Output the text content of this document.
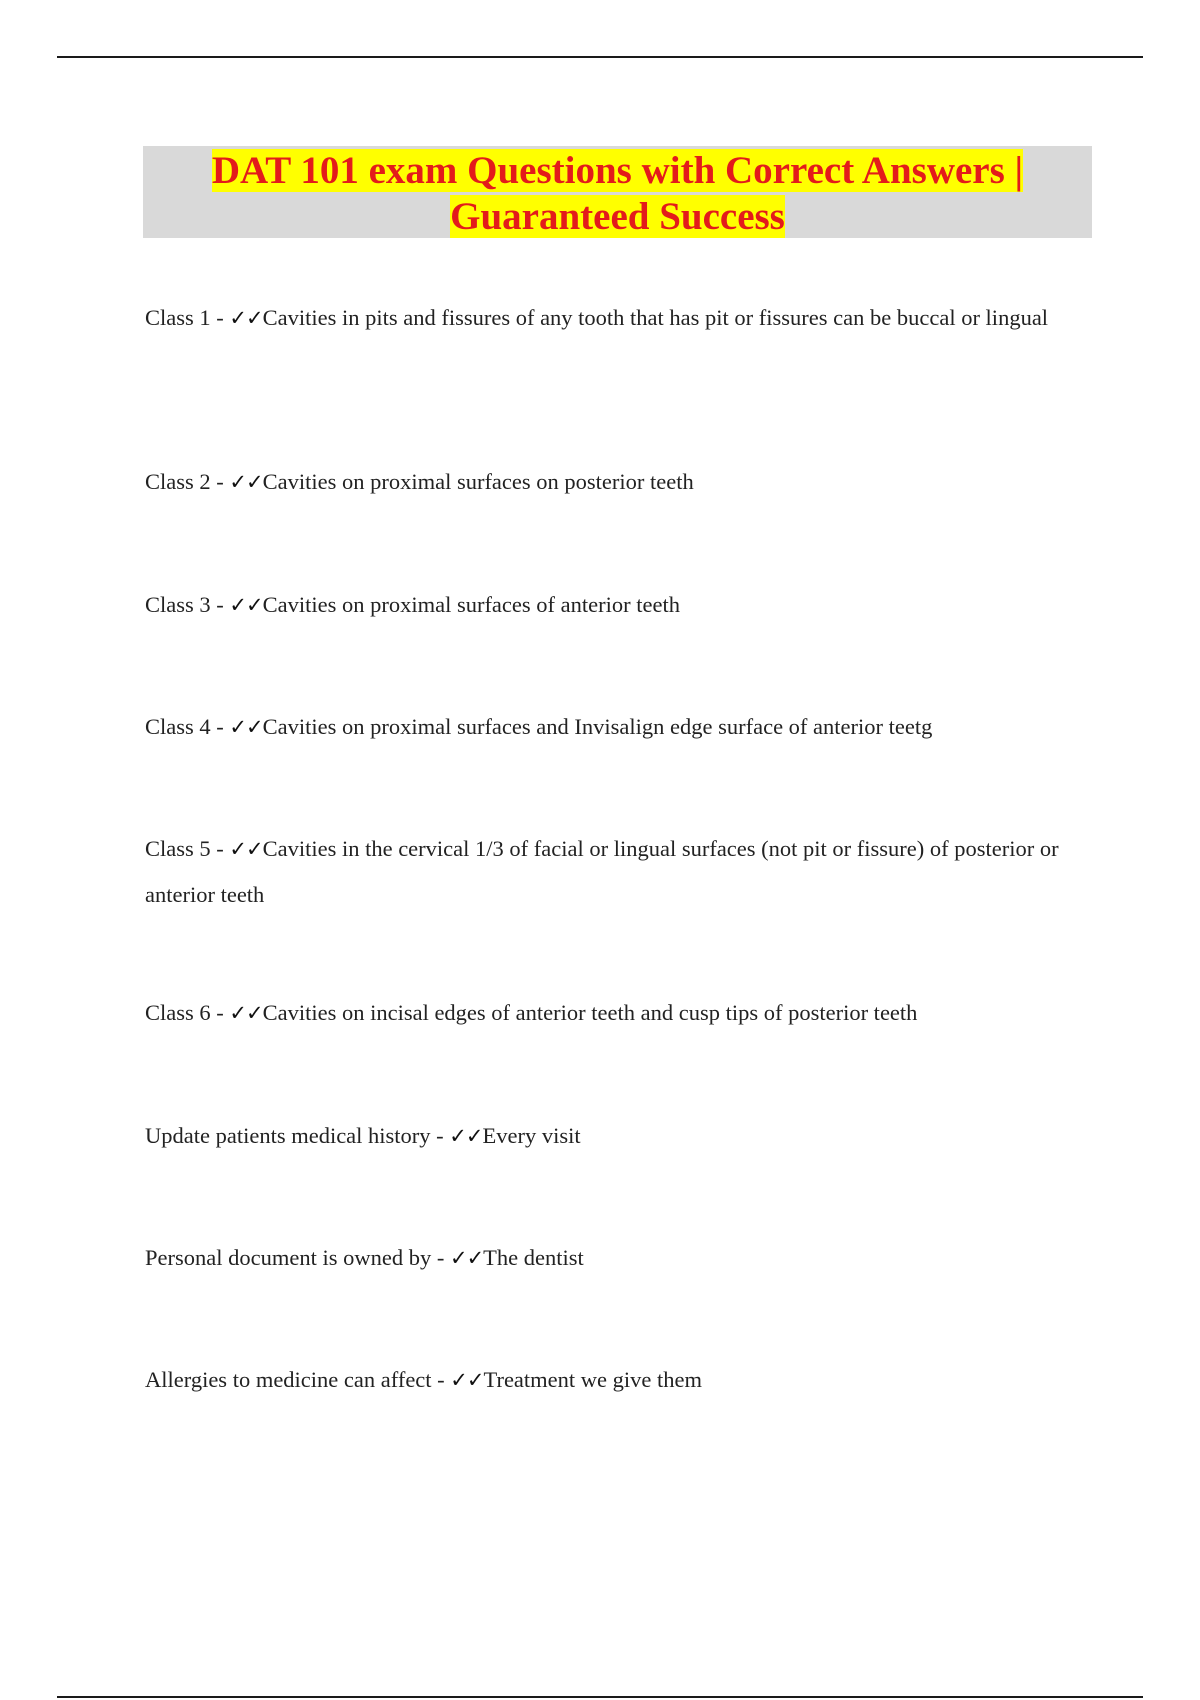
DAT 101 exam Questions with Correct Answers |
Guaranteed Success
Class 1 - ✓✓Cavities in pits and fissures of any tooth that has pit or fissures can be buccal or lingual
Class 2 - ✓✓Cavities on proximal surfaces on posterior teeth
Class 3 - ✓✓Cavities on proximal surfaces of anterior teeth
Class 4 - ✓✓Cavities on proximal surfaces and Invisalign edge surface of anterior teetg
Class 5 - ✓✓Cavities in the cervical 1/3 of facial or lingual surfaces (not pit or fissure) of posterior or anterior teeth
Class 6 - ✓✓Cavities on incisal edges of anterior teeth and cusp tips of posterior teeth
Update patients medical history - ✓✓Every visit
Personal document is owned by - ✓✓The dentist
Allergies to medicine can affect - ✓✓Treatment we give them
